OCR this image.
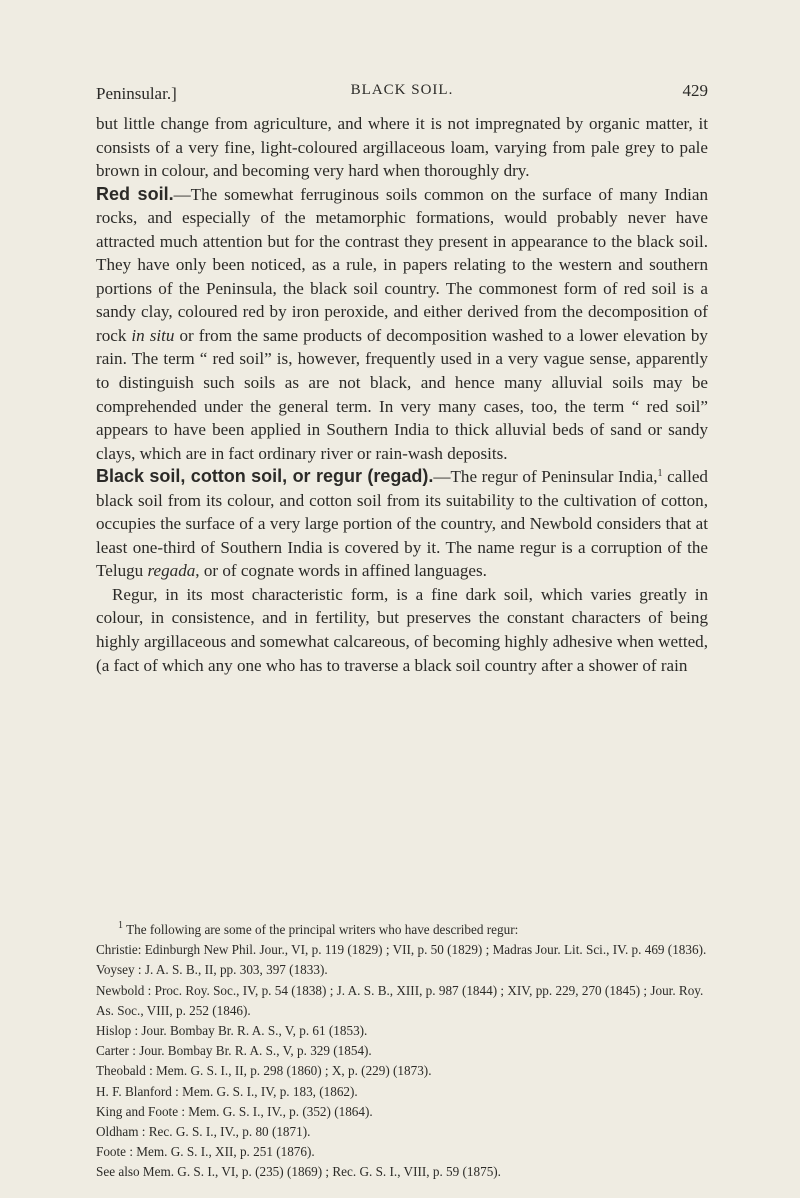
Peninsular.]	BLACK SOIL.	429

but little change from agriculture, and where it is not impregnated by organic matter, it consists of a very fine, light-coloured argillaceous loam, varying from pale grey to pale brown in colour, and becoming very hard when thoroughly dry.

Red soil.—The somewhat ferruginous soils common on the surface of many Indian rocks, and especially of the metamorphic formations, would probably never have attracted much attention but for the contrast they present in appearance to the black soil. They have only been noticed, as a rule, in papers relating to the western and southern portions of the Peninsula, the black soil country. The commonest form of red soil is a sandy clay, coloured red by iron peroxide, and either derived from the decomposition of rock in situ or from the same products of decomposition washed to a lower elevation by rain. The term “ red soil” is, however, frequently used in a very vague sense, apparently to distinguish such soils as are not black, and hence many alluvial soils may be comprehended under the general term. In very many cases, too, the term “ red soil” appears to have been applied in Southern India to thick alluvial beds of sand or sandy clays, which are in fact ordinary river or rain-wash deposits.

Black soil, cotton soil, or regur (regad).—The regur of Peninsular India,$^1$ called black soil from its colour, and cotton soil from its suitability to the cultivation of cotton, occupies the surface of a very large portion of the country, and Newbold considers that at least one-third of Southern India is covered by it. The name regur is a corruption of the Telugu regada, or of cognate words in affined languages.

Regur, in its most characteristic form, is a fine dark soil, which varies greatly in colour, in consistence, and in fertility, but preserves the constant characters of being highly argillaceous and somewhat calcareous, of becoming highly adhesive when wetted, (a fact of which any one who has to traverse a black soil country after a shower of rain

$^1$ The following are some of the principal writers who have described regur:

Christie: Edinburgh New Phil. Jour., VI, p. 119 (1829) ; VII, p. 50 (1829) ; Madras Jour. Lit. Sci., IV. p. 469 (1836).

Voysey : J. A. S. B., II, pp. 303, 397 (1833).

Newbold : Proc. Roy. Soc., IV, p. 54 (1838) ; J. A. S. B., XIII, p. 987 (1844) ; XIV, pp. 229, 270 (1845) ; Jour. Roy. As. Soc., VIII, p. 252 (1846).

Hislop : Jour. Bombay Br. R. A. S., V, p. 61 (1853).

Carter : Jour. Bombay Br. R. A. S., V, p. 329 (1854).

Theobald : Mem. G. S. I., II, p. 298 (1860) ; X, p. (229) (1873).

H. F. Blanford : Mem. G. S. I., IV, p. 183, (1862).

King and Foote : Mem. G. S. I., IV., p. (352) (1864).

Oldham : Rec. G. S. I., IV., p. 80 (1871).

Foote : Mem. G. S. I., XII, p. 251 (1876).

See also Mem. G. S. I., VI, p. (235) (1869) ; Rec. G. S. I., VIII, p. 59 (1875).
